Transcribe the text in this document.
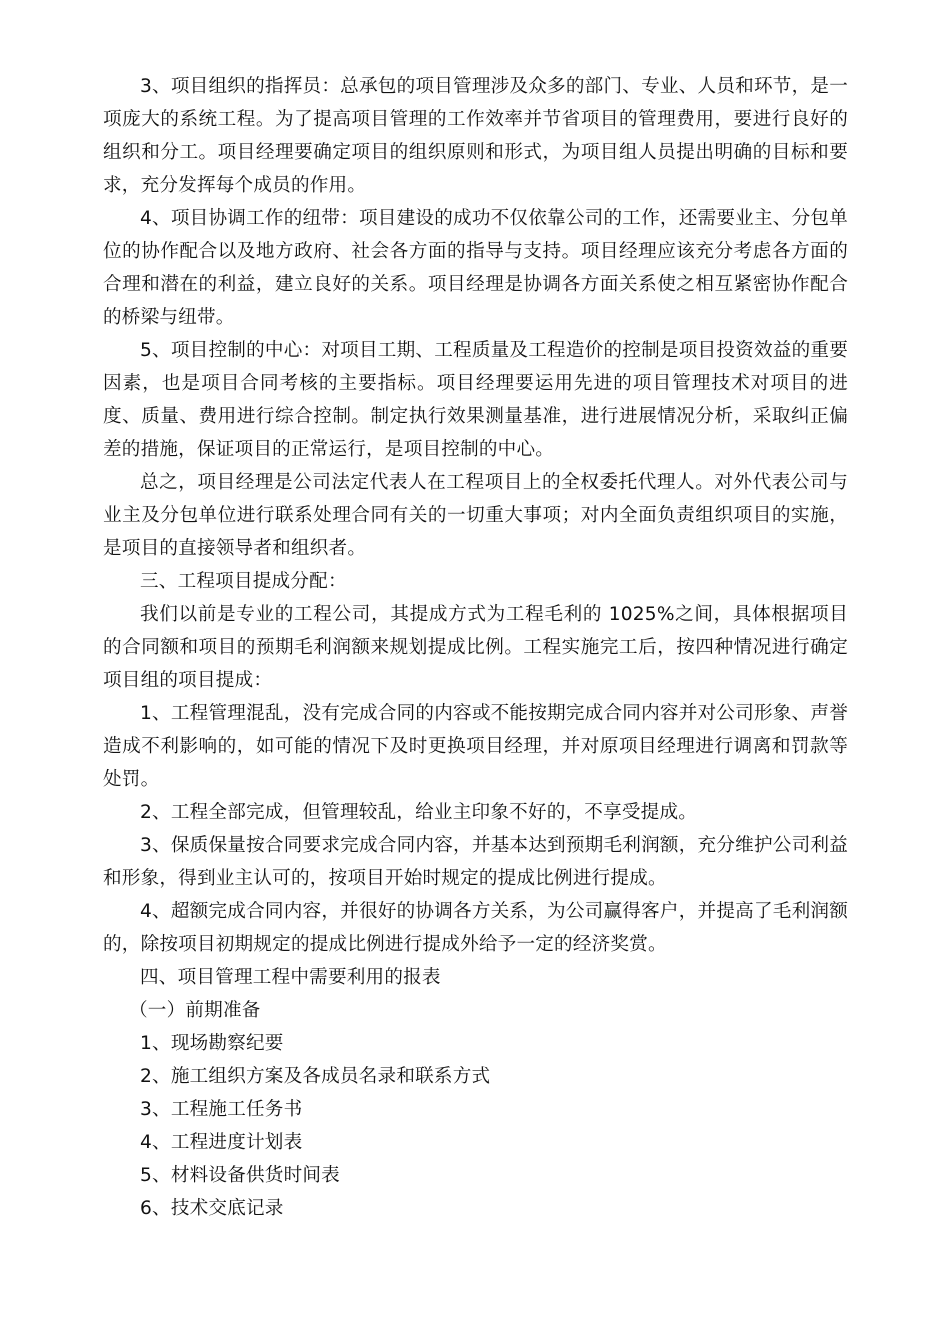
3、项目组织的指挥员：总承包的项目管理涉及众多的部门、专业、人员和环节，是一项庞大的系统工程。为了提高项目管理的工作效率并节省项目的管理费用，要进行良好的组织和分工。项目经理要确定项目的组织原则和形式，为项目组人员提出明确的目标和要求，充分发挥每个成员的作用。

4、项目协调工作的纽带：项目建设的成功不仅依靠公司的工作，还需要业主、分包单位的协作配合以及地方政府、社会各方面的指导与支持。项目经理应该充分考虑各方面的合理和潜在的利益，建立良好的关系。项目经理是协调各方面关系使之相互紧密协作配合的桥梁与纽带。

5、项目控制的中心：对项目工期、工程质量及工程造价的控制是项目投资效益的重要因素，也是项目合同考核的主要指标。项目经理要运用先进的项目管理技术对项目的进度、质量、费用进行综合控制。制定执行效果测量基准，进行进展情况分析，采取纠正偏差的措施，保证项目的正常运行，是项目控制的中心。

总之，项目经理是公司法定代表人在工程项目上的全权委托代理人。对外代表公司与业主及分包单位进行联系处理合同有关的一切重大事项；对内全面负责组织项目的实施，是项目的直接领导者和组织者。

三、工程项目提成分配：

我们以前是专业的工程公司，其提成方式为工程毛利的 1025%之间，具体根据项目的合同额和项目的预期毛利润额来规划提成比例。工程实施完工后，按四种情况进行确定项目组的项目提成：

1、工程管理混乱，没有完成合同的内容或不能按期完成合同内容并对公司形象、声誉造成不利影响的，如可能的情况下及时更换项目经理，并对原项目经理进行调离和罚款等处罚。

2、工程全部完成，但管理较乱，给业主印象不好的，不享受提成。

3、保质保量按合同要求完成合同内容，并基本达到预期毛利润额，充分维护公司利益和形象，得到业主认可的，按项目开始时规定的提成比例进行提成。

4、超额完成合同内容，并很好的协调各方关系，为公司赢得客户，并提高了毛利润额的，除按项目初期规定的提成比例进行提成外给予一定的经济奖赏。

四、项目管理工程中需要利用的报表

（一）前期准备

1、现场勘察纪要

2、施工组织方案及各成员名录和联系方式

3、工程施工任务书

4、工程进度计划表

5、材料设备供货时间表

6、技术交底记录
